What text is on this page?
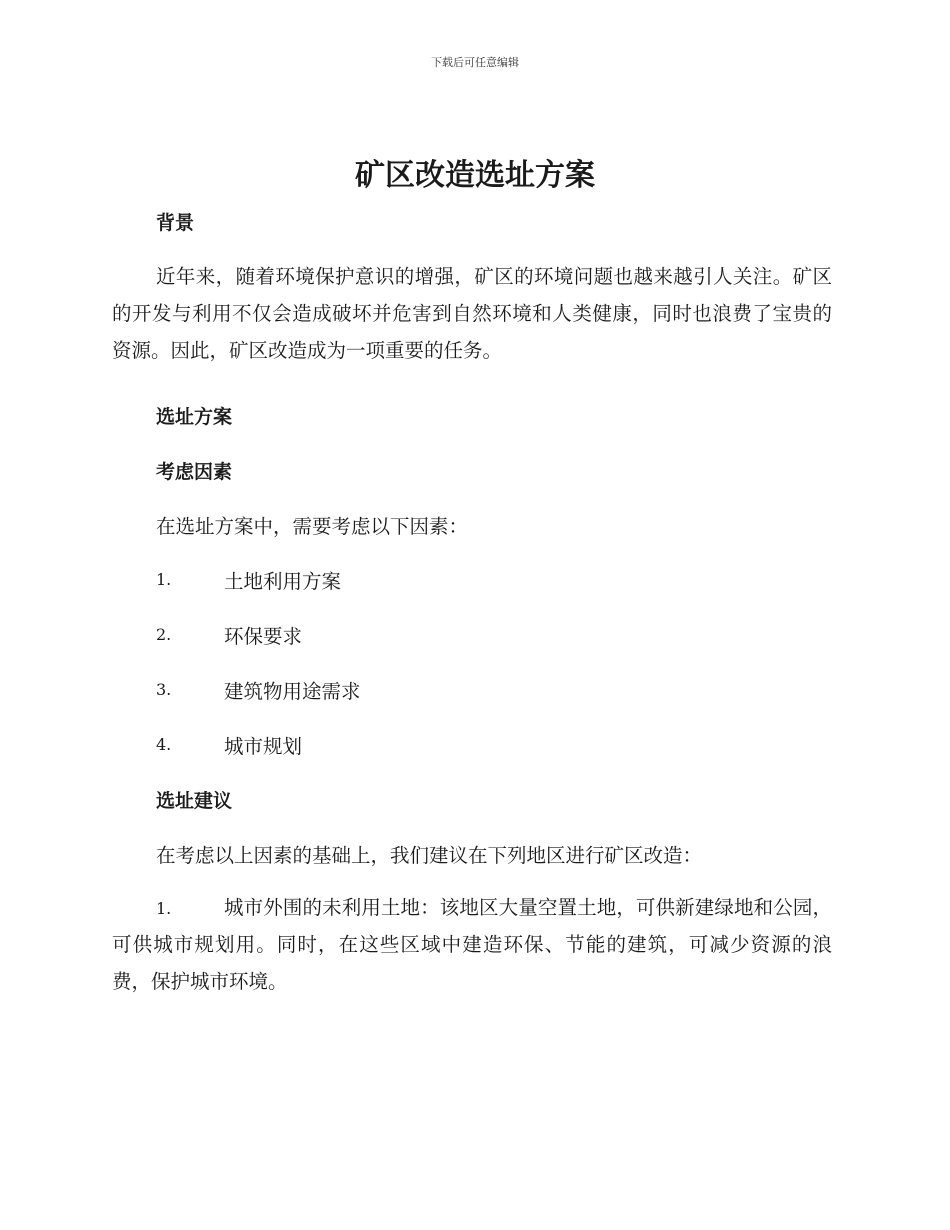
下载后可任意编辑
矿区改造选址方案
背景

近年来，随着环境保护意识的增强，矿区的环境问题也越来越引人关注。矿区的开发与利用不仅会造成破坏并危害到自然环境和人类健康，同时也浪费了宝贵的资源。因此，矿区改造成为一项重要的任务。

选址方案
考虑因素

在选址方案中，需要考虑以下因素：

1.	土地利用方案
2.	环保要求
3.	建筑物用途需求
4.	城市规划
选址建议

在考虑以上因素的基础上，我们建议在下列地区进行矿区改造：

1.	城市外围的未利用土地：该地区大量空置土地，可供新建绿地和公园，可供城市规划用。同时，在这些区域中建造环保、节能的建筑，可减少资源的浪费，保护城市环境。
